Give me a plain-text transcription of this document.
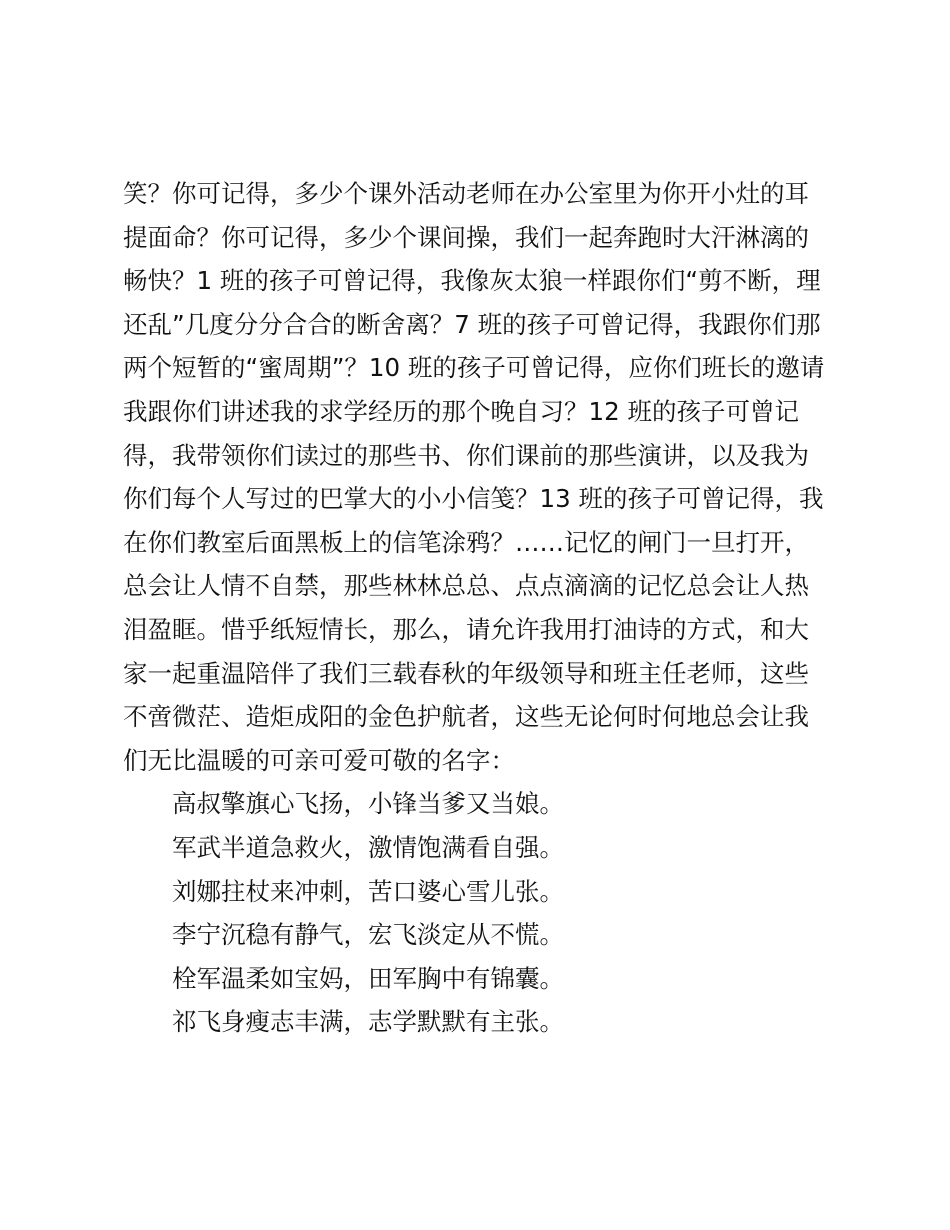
笑？你可记得，多少个课外活动老师在办公室里为你开小灶的耳
提面命？你可记得，多少个课间操，我们一起奔跑时大汗淋漓的
畅快？1 班的孩子可曾记得，我像灰太狼一样跟你们“剪不断，理
还乱”几度分分合合的断舍离？7 班的孩子可曾记得，我跟你们那
两个短暂的“蜜周期”？10 班的孩子可曾记得，应你们班长的邀请
我跟你们讲述我的求学经历的那个晚自习？12 班的孩子可曾记
得，我带领你们读过的那些书、你们课前的那些演讲，以及我为
你们每个人写过的巴掌大的小小信笺？13 班的孩子可曾记得，我
在你们教室后面黑板上的信笔涂鸦？……记忆的闸门一旦打开，
总会让人情不自禁，那些林林总总、点点滴滴的记忆总会让人热
泪盈眶。惜乎纸短情长，那么，请允许我用打油诗的方式，和大
家一起重温陪伴了我们三载春秋的年级领导和班主任老师，这些
不啻微茫、造炬成阳的金色护航者，这些无论何时何地总会让我
们无比温暖的可亲可爱可敬的名字：
高叔擎旗心飞扬，小锋当爹又当娘。
军武半道急救火，激情饱满看自强。
刘娜拄杖来冲刺，苦口婆心雪儿张。
李宁沉稳有静气，宏飞淡定从不慌。
栓军温柔如宝妈，田军胸中有锦囊。
祁飞身瘦志丰满，志学默默有主张。
